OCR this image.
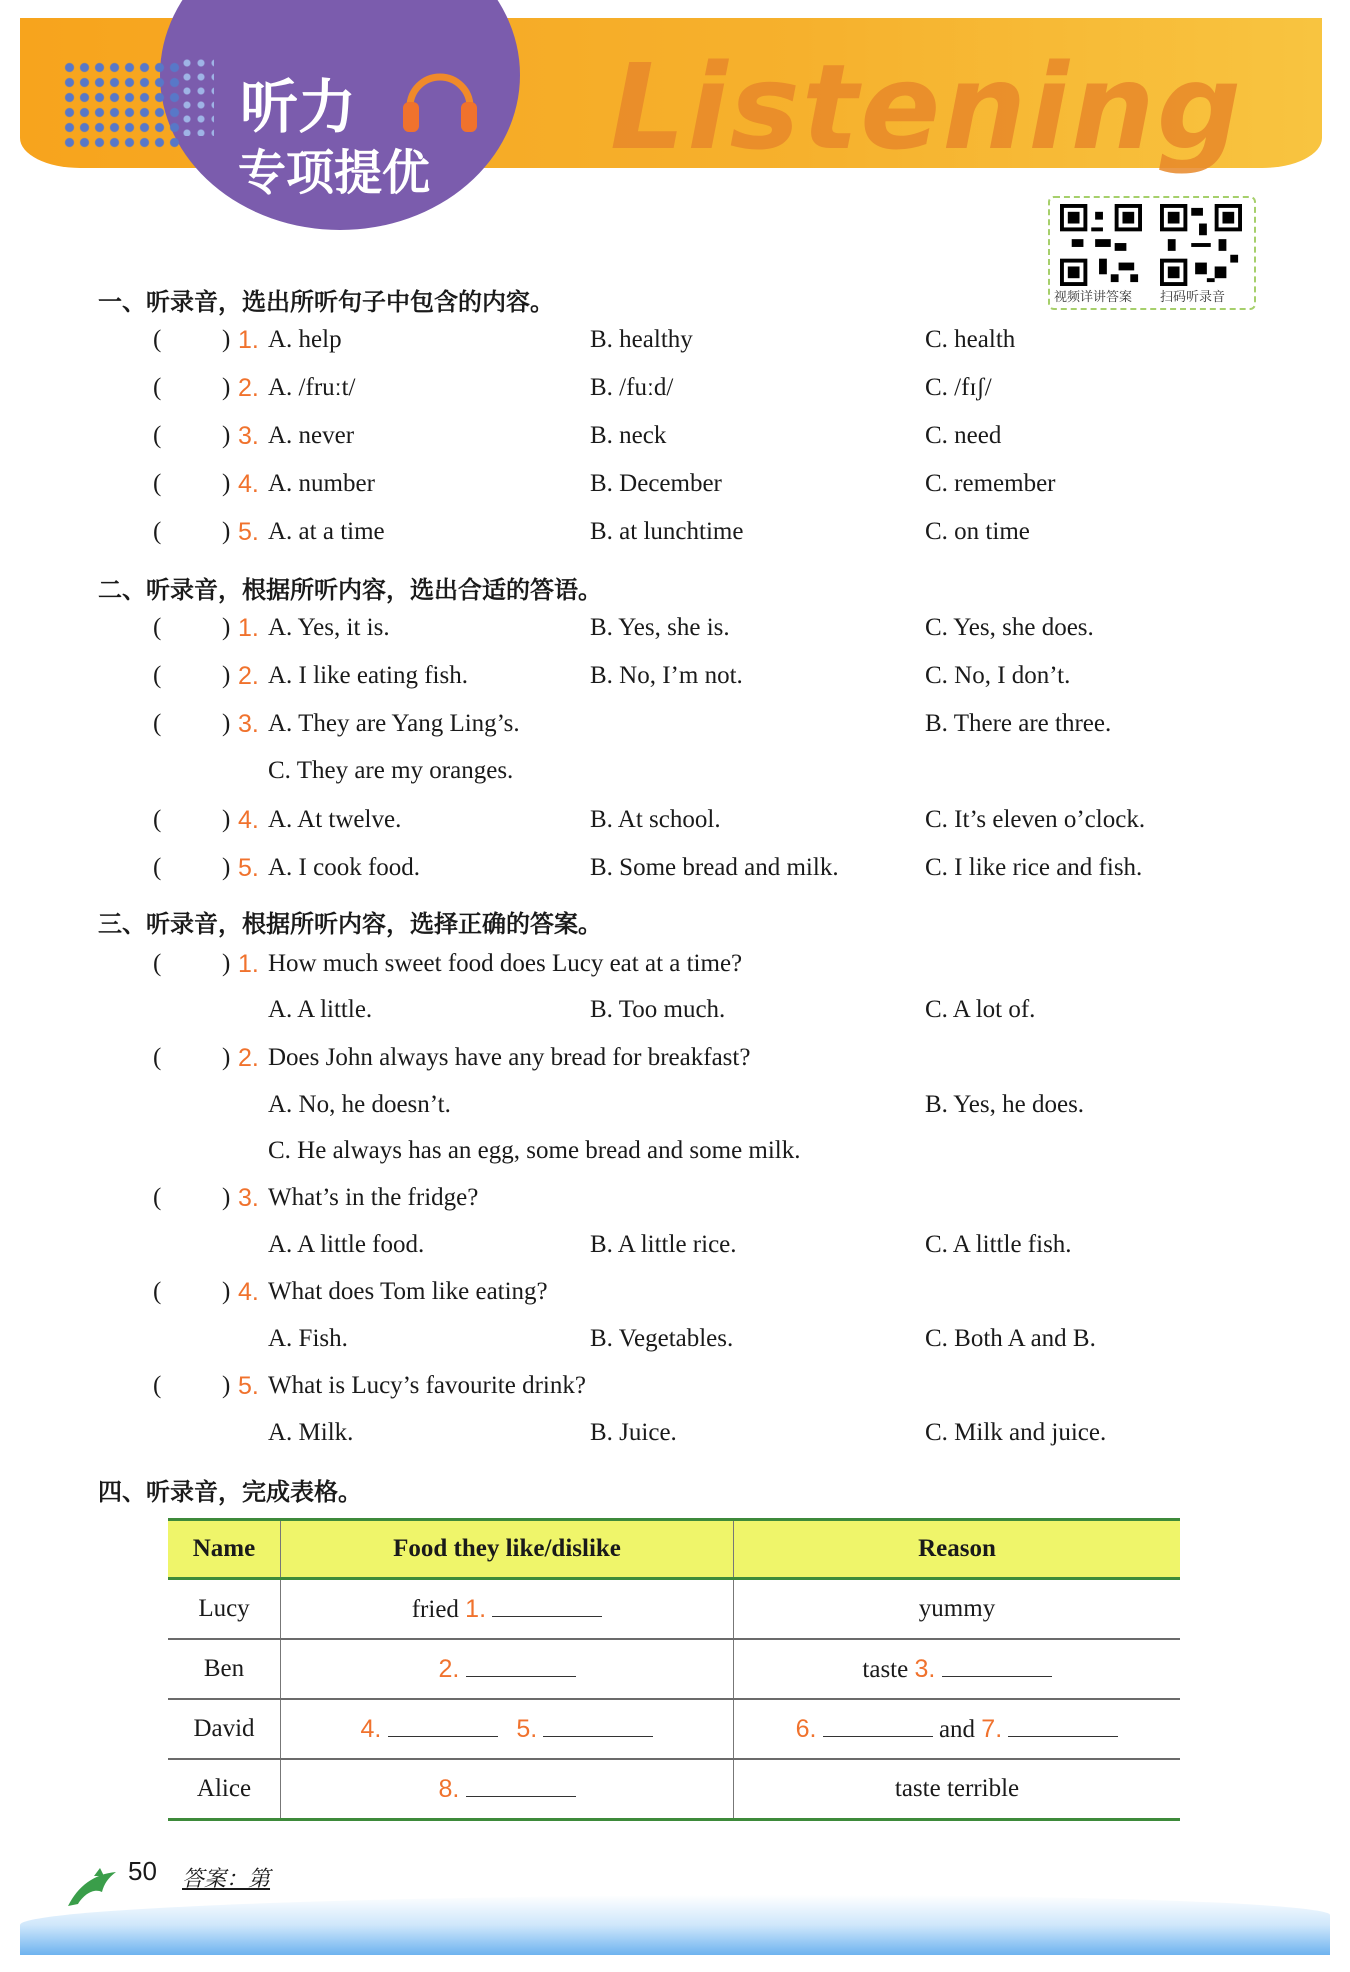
Listening
听力
专项提优
视频详讲答案 扫码听录音
一、听录音，选出所听句子中包含的内容。
( ) 1. A. help	B. healthy	C. health
( ) 2. A. /fruːt/	B. /fuːd/	C. /fɪʃ/
( ) 3. A. never	B. neck	C. need
( ) 4. A. number	B. December	C. remember
( ) 5. A. at a time	B. at lunchtime	C. on time
二、听录音，根据所听内容，选出合适的答语。
( ) 1. A. Yes, it is.	B. Yes, she is.	C. Yes, she does.
( ) 2. A. I like eating fish.	B. No, I’m not.	C. No, I don’t.
( ) 3. A. They are Yang Ling’s.	B. There are three.
C. They are my oranges.
( ) 4. A. At twelve.	B. At school.	C. It’s eleven o’clock.
( ) 5. A. I cook food.	B. Some bread and milk.	C. I like rice and fish.
三、听录音，根据所听内容，选择正确的答案。
( ) 1. How much sweet food does Lucy eat at a time?
A. A little.	B. Too much.	C. A lot of.
( ) 2. Does John always have any bread for breakfast?
A. No, he doesn’t.	B. Yes, he does.
C. He always has an egg, some bread and some milk.
( ) 3. What’s in the fridge?
A. A little food.	B. A little rice.	C. A little fish.
( ) 4. What does Tom like eating?
A. Fish.	B. Vegetables.	C. Both A and B.
( ) 5. What is Lucy’s favourite drink?
A. Milk.	B. Juice.	C. Milk and juice.
四、听录音，完成表格。
Name	Food they like/dislike	Reason
Lucy	fried 1.	yummy
Ben	2.	taste 3.
David	4. 5.	6. and 7.
Alice	8.	taste terrible
50 答案：第
